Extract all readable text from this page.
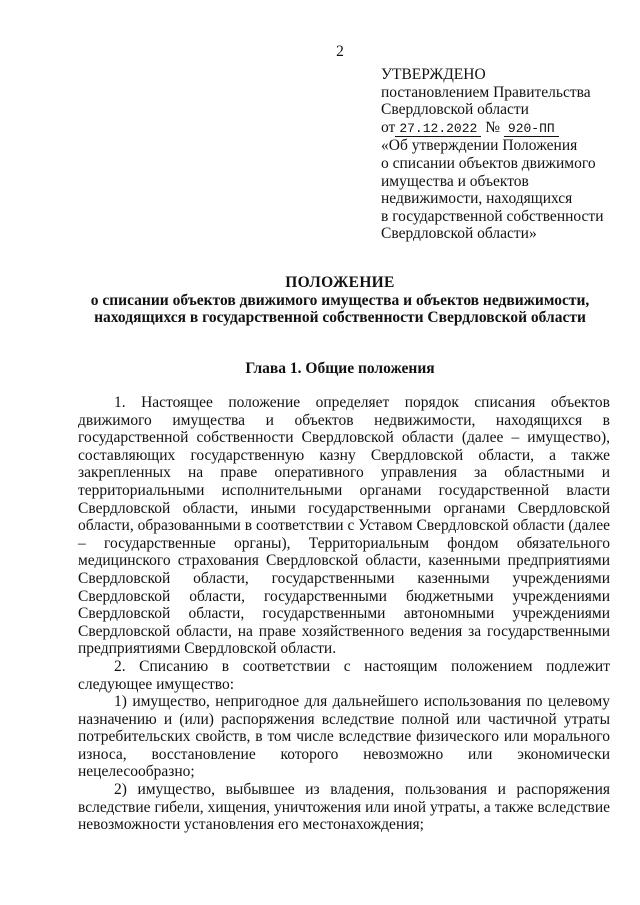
2
УТВЕРЖДЕНО
постановлением Правительства
Свердловской области
от 27.12.2022 № 920-ПП
«Об утверждении Положения
о списании объектов движимого
имущества и объектов
недвижимости, находящихся
в государственной собственности
Свердловской области»
ПОЛОЖЕНИЕ
о списании объектов движимого имущества и объектов недвижимости,
находящихся в государственной собственности Свердловской области
Глава 1. Общие положения

1. Настоящее положение определяет порядок списания объектов движимого имущества и объектов недвижимости, находящихся в государственной собственности Свердловской области (далее – имущество), составляющих государственную казну Свердловской области, а также закрепленных на праве оперативного управления за областными и территориальными исполнительными органами государственной власти Свердловской области, иными государственными органами Свердловской области, образованными в соответствии с Уставом Свердловской области (далее – государственные органы), Территориальным фондом обязательного медицинского страхования Свердловской области, казенными предприятиями Свердловской области, государственными казенными учреждениями Свердловской области, государственными бюджетными учреждениями Свердловской области, государственными автономными учреждениями Свердловской области, на праве хозяйственного ведения за государственными предприятиями Свердловской области.

2. Списанию в соответствии с настоящим положением подлежит следующее имущество:

1) имущество, непригодное для дальнейшего использования по целевому назначению и (или) распоряжения вследствие полной или частичной утраты потребительских свойств, в том числе вследствие физического или морального износа, восстановление которого невозможно или экономически нецелесообразно;

2) имущество, выбывшее из владения, пользования и распоряжения вследствие гибели, хищения, уничтожения или иной утраты, а также вследствие невозможности установления его местонахождения;
